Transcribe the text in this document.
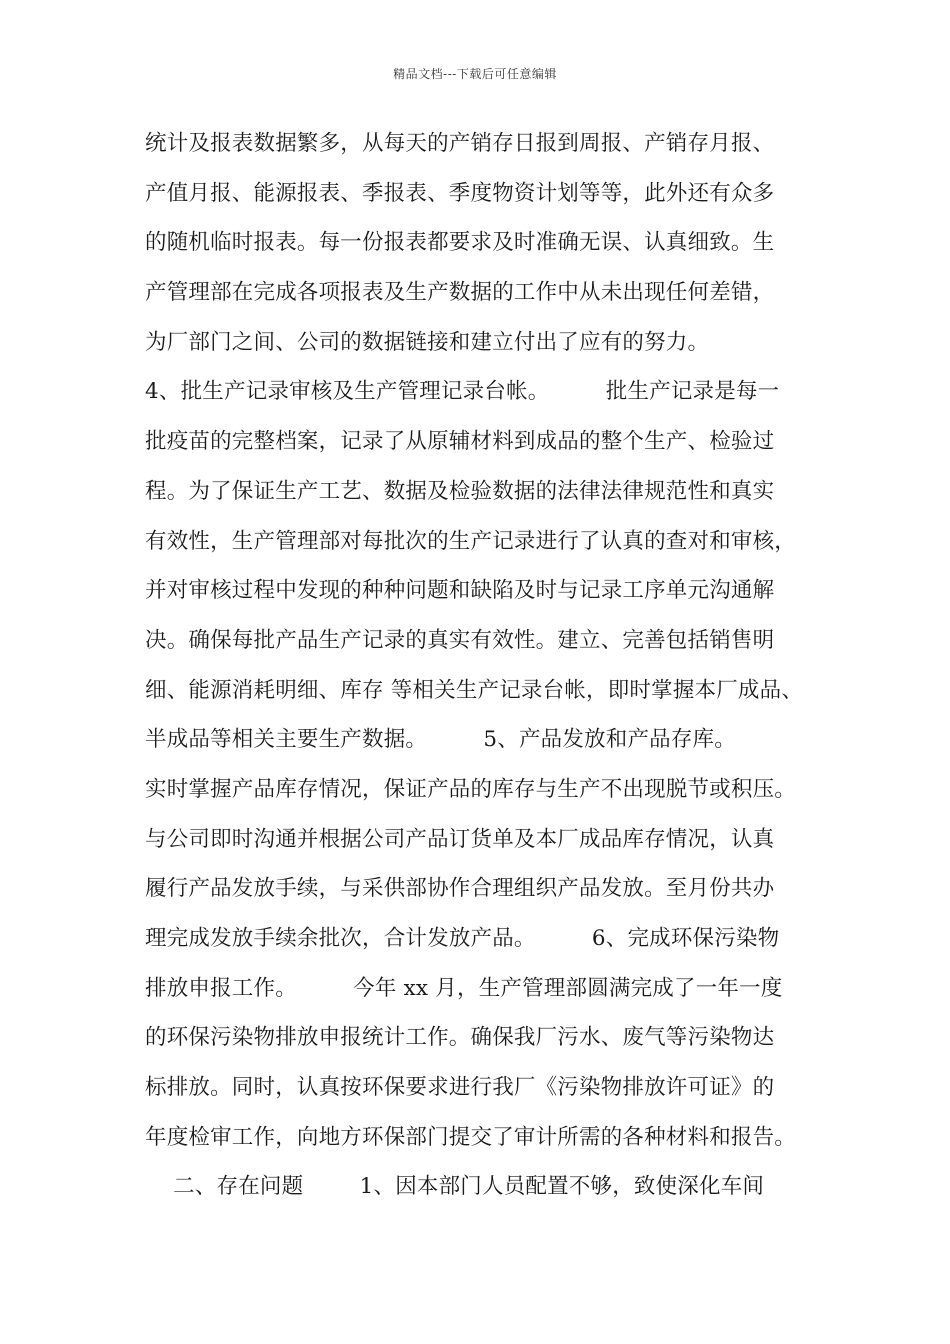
精品文档---下载后可任意编辑
统计及报表数据繁多，从每天的产销存日报到周报、产销存月报、
产值月报、能源报表、季报表、季度物资计划等等，此外还有众多
的随机临时报表。每一份报表都要求及时准确无误、认真细致。生
产管理部在完成各项报表及生产数据的工作中从未出现任何差错，
为厂部门之间、公司的数据链接和建立付出了应有的努力。
4、批生产记录审核及生产管理记录台帐。        批生产记录是每一
批疫苗的完整档案，记录了从原辅材料到成品的整个生产、检验过
程。为了保证生产工艺、数据及检验数据的法律法律规范性和真实
有效性，生产管理部对每批次的生产记录进行了认真的查对和审核，
并对审核过程中发现的种种问题和缺陷及时与记录工序单元沟通解
决。确保每批产品生产记录的真实有效性。建立、完善包括销售明
细、能源消耗明细、库存 等相关生产记录台帐，即时掌握本厂成品、
半成品等相关主要生产数据。        5、产品发放和产品存库。
实时掌握产品库存情况，保证产品的库存与生产不出现脱节或积压。
与公司即时沟通并根据公司产品订货单及本厂成品库存情况，认真
履行产品发放手续，与采供部协作合理组织产品发放。至月份共办
理完成发放手续余批次，合计发放产品。        6、完成环保污染物
排放申报工作。        今年 xx 月，生产管理部圆满完成了一年一度
的环保污染物排放申报统计工作。确保我厂污水、废气等污染物达
标排放。同时，认真按环保要求进行我厂《污染物排放许可证》的
年度检审工作，向地方环保部门提交了审计所需的各种材料和报告。
二、存在问题        1、因本部门人员配置不够，致使深化车间
